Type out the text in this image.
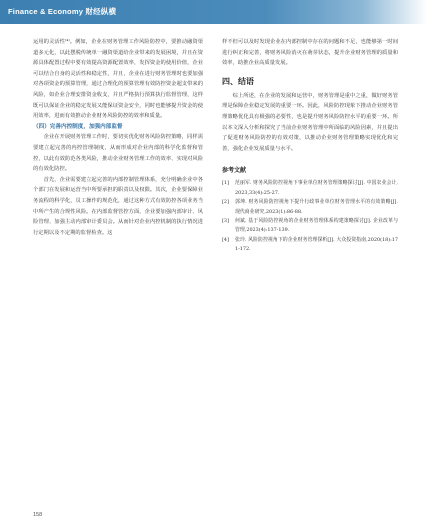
Finance & Economy 财经纵横

运用的灵活性⁽⁴⁾。例如，企业在财务管理工作风险防控中，要推动融资渠道多元化，以此摆脱传统单一融资渠道给企业带来的发展困境，并且在资源具体配置过程中要有效提高资源配置效率，发挥资金的使用价值，企业可以结合自身的灵活性和稳定性，并且，企业在进行财务管理时也要加强对各项资金的预算管理，通过合理化的预算管理有效防控资金超支带来的风险，如企业合理安排资金收支，并且严格执行预算执行监督管理，这样既可以保证企业的稳定发展又能保证资金安全，同时也能够提升资金的使用效率，进而有效推动企业财务风险防控的效率和质量。

（四）完善内控制度，加强内部监督

企业在开展财务管理工作时，要切实优化财务风险防控策略，同样需要建立起完善的内控管理制度，从而形成对企业内部的科学化监督和管控，以此有效防范各类风险，推动企业财务管理工作的效率、实现对风险的有效化防控。

首先，企业需要建立起完善的内部控制管理体系，充分明确企业中各个部门在发展和运营当中所要承担的职责以及权限。其次，企业要保障业务流程的科学化，员工操作的规范化，通过这种方式有效防控各项业务当中所产生的合规性风险。在内部监督管控方面，企业要加强内部审计、风险管理、加强主动内部审计委员会。从而针对企业内控机制的执行情况进行定期以及不定期的监督检查。这

样不但可以及时发现企业在内部控制中存在的问题和不足，也能够第一时间进行纠正和完善，将财务风险消灭在萌芽状态，提升企业财务管理的质量和效率，助推企业高质量发展。

四、结语

综上所述，在企业的发展和运营中，财务管理是重中之重，做好财务管理是保障企业稳定发展的重要一环。因此，风险防控现象下推动企业财务管理策略优化具有极强的必要性，也是提升财务风险防控水平的重要一环。所以本文深入分析和探究了当前企业财务管理中所面临的风险因素，并且提出了促进财务风险防控的有效对策，以推动企业财务管理策略实现优化和完善，强化企业发展质量与水平。

参考文献
[1] 范丽军. 财务风险防控视角下事业单位财务管理策略探讨[J]. 中国农业会计,2023,33(4):25-27.
[2] 郭坤. 财务风险防控视角下提升行政事业单位财务管理水平的有效策略[J]. 现代商业研究,2023(1):86-88.
[3] 何斌. 基于风险防控视角的企业财务管理体系构建策略探讨[J]. 企业改革与管理,2023(4):137-139.
[4] 张玲. 风险防控视角下的企业财务管理探析[J]. 大众投资指南,2020(18):171-172.
158
